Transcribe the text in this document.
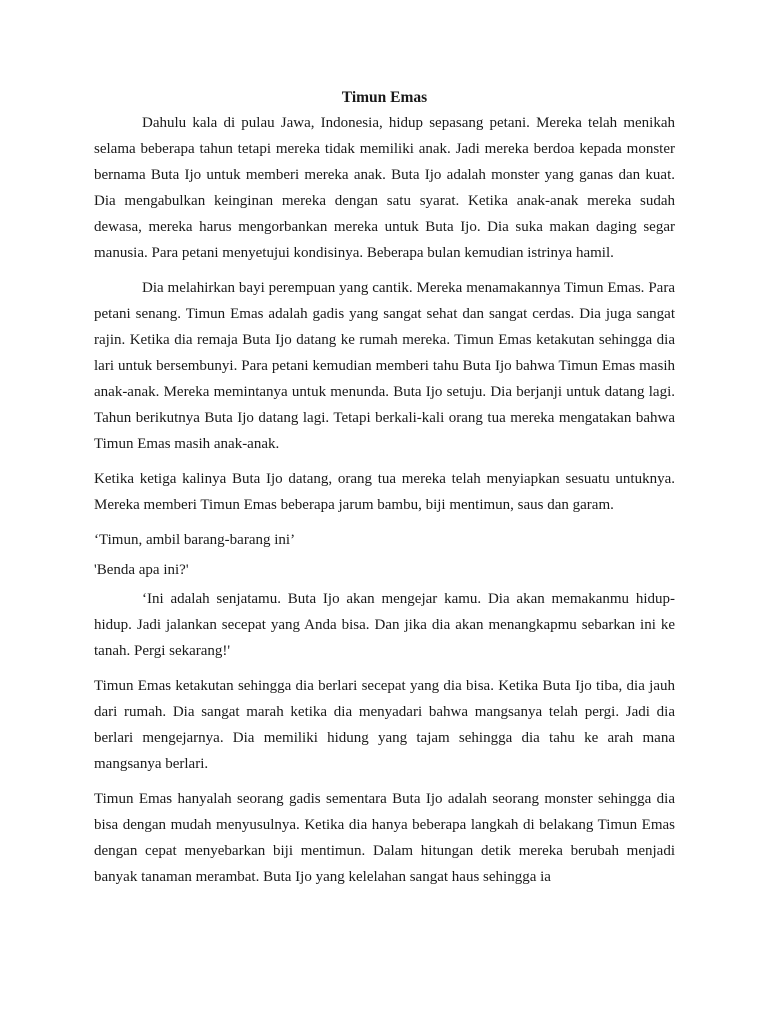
Timun Emas

Dahulu kala di pulau Jawa, Indonesia, hidup sepasang petani. Mereka telah menikah selama beberapa tahun tetapi mereka tidak memiliki anak. Jadi mereka berdoa kepada monster bernama Buta Ijo untuk memberi mereka anak. Buta Ijo adalah monster yang ganas dan kuat. Dia mengabulkan keinginan mereka dengan satu syarat. Ketika anak-anak mereka sudah dewasa, mereka harus mengorbankan mereka untuk Buta Ijo. Dia suka makan daging segar manusia. Para petani menyetujui kondisinya. Beberapa bulan kemudian istrinya hamil.

Dia melahirkan bayi perempuan yang cantik. Mereka menamakannya Timun Emas. Para petani senang. Timun Emas adalah gadis yang sangat sehat dan sangat cerdas. Dia juga sangat rajin. Ketika dia remaja Buta Ijo datang ke rumah mereka. Timun Emas ketakutan sehingga dia lari untuk bersembunyi. Para petani kemudian memberi tahu Buta Ijo bahwa Timun Emas masih anak-anak. Mereka memintanya untuk menunda. Buta Ijo setuju. Dia berjanji untuk datang lagi. Tahun berikutnya Buta Ijo datang lagi. Tetapi berkali-kali orang tua mereka mengatakan bahwa Timun Emas masih anak-anak.

Ketika ketiga kalinya Buta Ijo datang, orang tua mereka telah menyiapkan sesuatu untuknya. Mereka memberi Timun Emas beberapa jarum bambu, biji mentimun, saus dan garam.

‘Timun, ambil barang-barang ini’

'Benda apa ini?'

‘Ini adalah senjatamu. Buta Ijo akan mengejar kamu. Dia akan memakanmu hidup-hidup. Jadi jalankan secepat yang Anda bisa. Dan jika dia akan menangkapmu sebarkan ini ke tanah. Pergi sekarang!'

Timun Emas ketakutan sehingga dia berlari secepat yang dia bisa. Ketika Buta Ijo tiba, dia jauh dari rumah. Dia sangat marah ketika dia menyadari bahwa mangsanya telah pergi. Jadi dia berlari mengejarnya. Dia memiliki hidung yang tajam sehingga dia tahu ke arah mana mangsanya berlari.

Timun Emas hanyalah seorang gadis sementara Buta Ijo adalah seorang monster sehingga dia bisa dengan mudah menyusulnya. Ketika dia hanya beberapa langkah di belakang Timun Emas dengan cepat menyebarkan biji mentimun. Dalam hitungan detik mereka berubah menjadi banyak tanaman merambat. Buta Ijo yang kelelahan sangat haus sehingga ia
